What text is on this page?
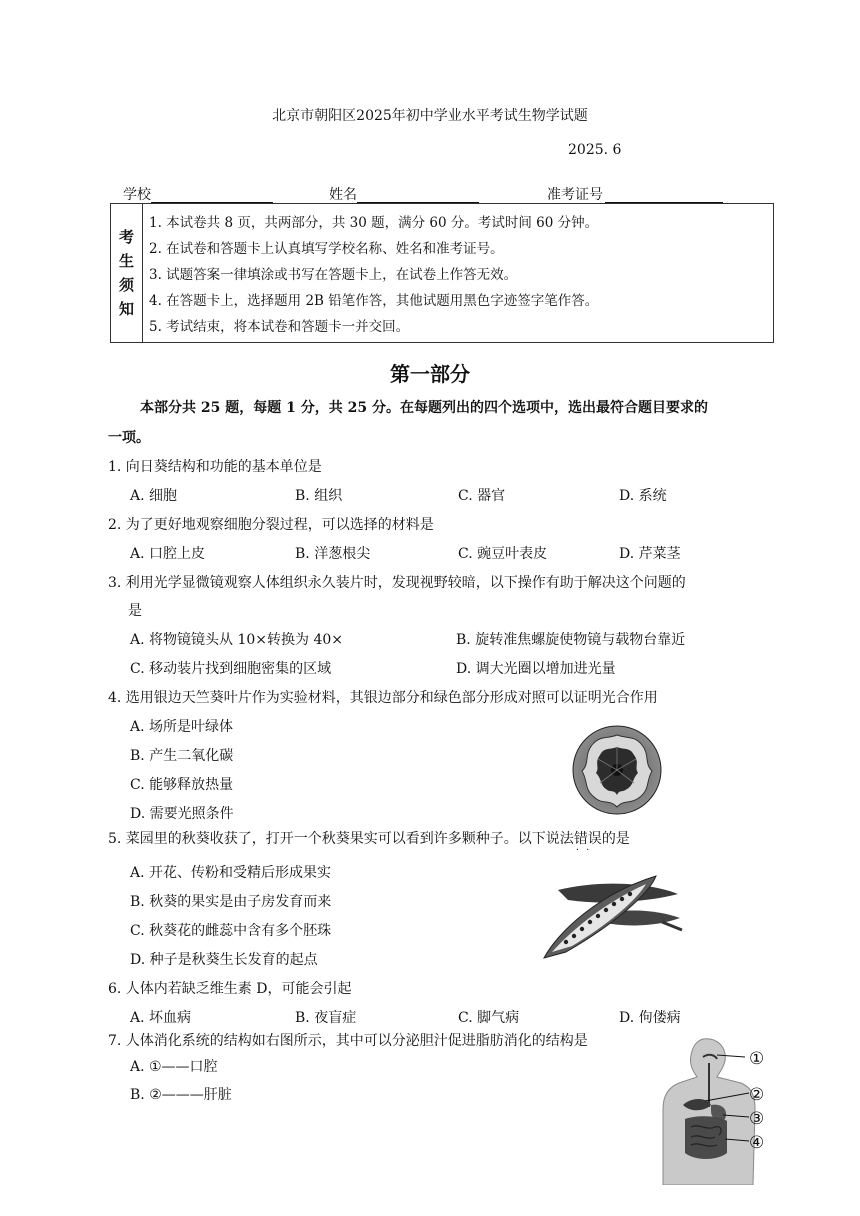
北京市朝阳区2025年初中学业水平考试生物学试题
2025. 6
学校	姓名	准考证号
考
生
须
知
1. 本试卷共 8 页，共两部分，共 30 题，满分 60 分。考试时间 60 分钟。
2. 在试卷和答题卡上认真填写学校名称、姓名和准考证号。
3. 试题答案一律填涂或书写在答题卡上，在试卷上作答无效。
4. 在答题卡上，选择题用 2B 铅笔作答，其他试题用黑色字迹签字笔作答。
5. 考试结束，将本试卷和答题卡一并交回。
第一部分
本部分共 25 题，每题 1 分，共 25 分。在每题列出的四个选项中，选出最符合题目要求的
一项。
1. 向日葵结构和功能的基本单位是
A. 细胞	B. 组织	C. 器官	D. 系统
2. 为了更好地观察细胞分裂过程，可以选择的材料是
A. 口腔上皮	B. 洋葱根尖	C. 豌豆叶表皮	D. 芹菜茎
3. 利用光学显微镜观察人体组织永久装片时，发现视野较暗，以下操作有助于解决这个问题的
是
A. 将物镜镜头从 10×转换为 40×	B. 旋转准焦螺旋使物镜与载物台靠近
C. 移动装片找到细胞密集的区域	D. 调大光圈以增加进光量
4. 选用银边天竺葵叶片作为实验材料，其银边部分和绿色部分形成对照可以证明光合作用
A. 场所是叶绿体
B. 产生二氧化碳
C. 能够释放热量
D. 需要光照条件
5. 菜园里的秋葵收获了，打开一个秋葵果实可以看到许多颗种子。以下说法错误 · ·的是
A. 开花、传粉和受精后形成果实
B. 秋葵的果实是由子房发育而来
C. 秋葵花的雌蕊中含有多个胚珠
D. 种子是秋葵生长发育的起点
6. 人体内若缺乏维生素 D，可能会引起
A. 坏血病	B. 夜盲症	C. 脚气病	D. 佝偻病
7. 人体消化系统的结构如右图所示，其中可以分泌胆汁促进脂肪消化的结构是
A. ①——口腔
B. ②———肝脏
①
②
③
④
